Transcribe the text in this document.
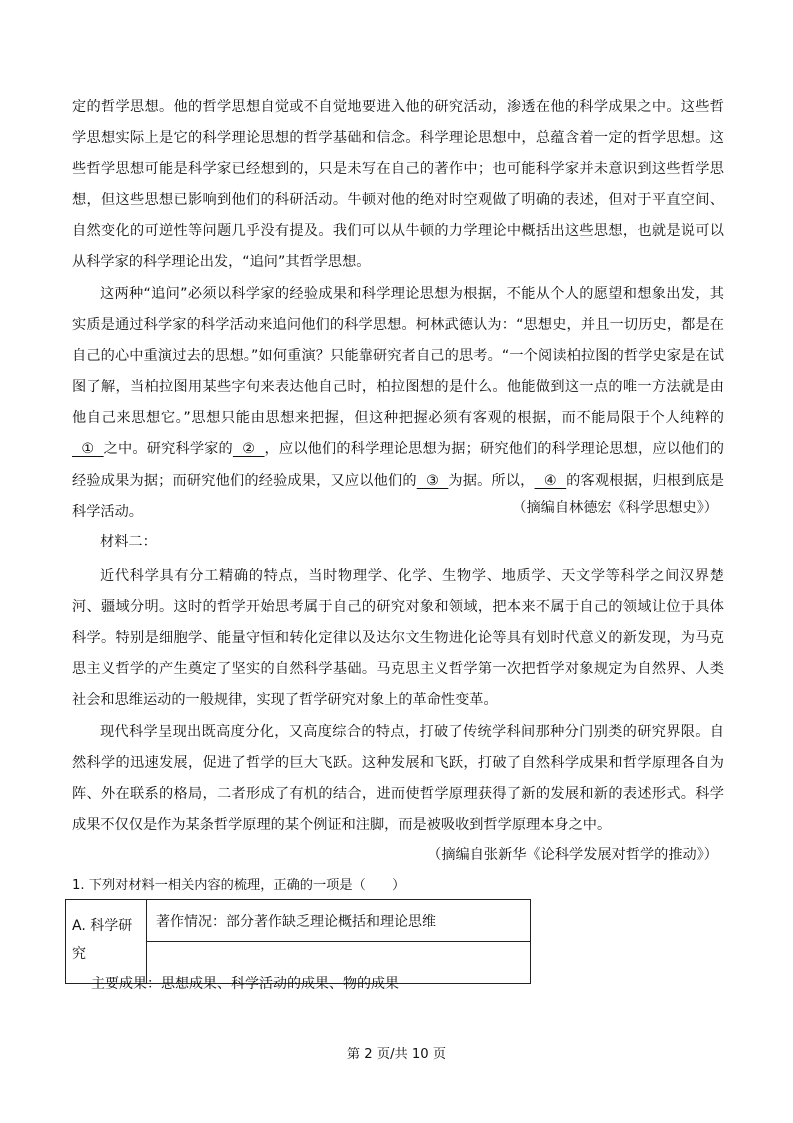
定的哲学思想。他的哲学思想自觉或不自觉地要进入他的研究活动，渗透在他的科学成果之中。这些哲学思想实际上是它的科学理论思想的哲学基础和信念。科学理论思想中，总蕴含着一定的哲学思想。这些哲学思想可能是科学家已经想到的，只是未写在自己的著作中；也可能科学家并未意识到这些哲学思想，但这些思想已影响到他们的科研活动。牛顿对他的绝对时空观做了明确的表述，但对于平直空间、自然变化的可逆性等问题几乎没有提及。我们可以从牛顿的力学理论中概括出这些思想，也就是说可以从科学家的科学理论出发，“追问”其哲学思想。

这两种“追问”必须以科学家的经验成果和科学理论思想为根据，不能从个人的愿望和想象出发，其实质是通过科学家的科学活动来追问他们的科学思想。柯林武德认为：“思想史，并且一切历史，都是在自己的心中重演过去的思想。”如何重演？只能靠研究者自己的思考。“一个阅读柏拉图的哲学史家是在试图了解，当柏拉图用某些字句来表达他自己时，柏拉图想的是什么。他能做到这一点的唯一方法就是由他自己来思想它。”思想只能由思想来把握，但这种把握必须有客观的根据，而不能局限于个人纯粹的  ①  之中。研究科学家的  ②  ，应以他们的科学理论思想为据；研究他们的科学理论思想，应以他们的经验成果为据；而研究他们的经验成果，又应以他们的  ③  为据。所以，  ④  的客观根据，归根到底是科学活动。	（摘编自林德宏《科学思想史》）

材料二：

近代科学具有分工精确的特点，当时物理学、化学、生物学、地质学、天文学等科学之间汉界楚河、疆域分明。这时的哲学开始思考属于自己的研究对象和领域，把本来不属于自己的领域让位于具体科学。特别是细胞学、能量守恒和转化定律以及达尔文生物进化论等具有划时代意义的新发现，为马克思主义哲学的产生奠定了坚实的自然科学基础。马克思主义哲学第一次把哲学对象规定为自然界、人类社会和思维运动的一般规律，实现了哲学研究对象上的革命性变革。

现代科学呈现出既高度分化，又高度综合的特点，打破了传统学科间那种分门别类的研究界限。自然科学的迅速发展，促进了哲学的巨大飞跃。这种发展和飞跃，打破了自然科学成果和哲学原理各自为阵、外在联系的格局，二者形成了有机的结合，进而使哲学原理获得了新的发展和新的表述形式。科学成果不仅仅是作为某条哲学原理的某个例证和注脚，而是被吸收到哲学原理本身之中。

（摘编自张新华《论科学发展对哲学的推动》）

1. 下列对材料一相关内容的梳理，正确的一项是（　　）

A. 科学研究
著作情况：部分著作缺乏理论概括和理论思维
主要成果：思想成果、科学活动的成果、物的成果

第 2 页/共 10 页
